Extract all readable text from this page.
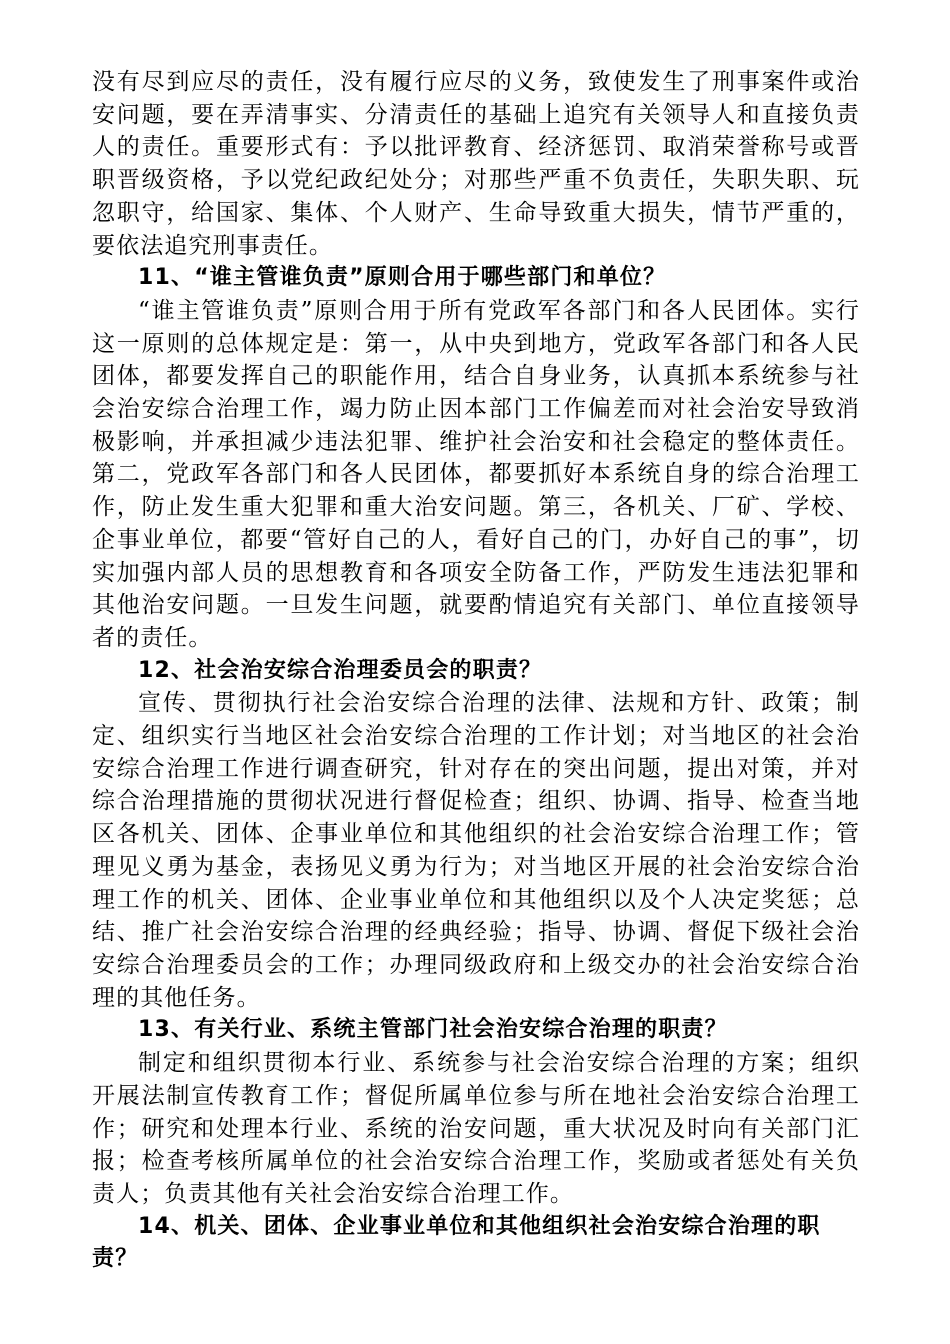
没有尽到应尽的责任，没有履行应尽的义务，致使发生了刑事案件或治安问题，要在弄清事实、分清责任的基础上追究有关领导人和直接负责人的责任。重要形式有：予以批评教育、经济惩罚、取消荣誉称号或晋职晋级资格，予以党纪政纪处分；对那些严重不负责任，失职失职、玩忽职守，给国家、集体、个人财产、生命导致重大损失，情节严重的，要依法追究刑事责任。

11、“谁主管谁负责”原则合用于哪些部门和单位？

“谁主管谁负责”原则合用于所有党政军各部门和各人民团体。实行这一原则的总体规定是：第一，从中央到地方，党政军各部门和各人民团体，都要发挥自己的职能作用，结合自身业务，认真抓本系统参与社会治安综合治理工作，竭力防止因本部门工作偏差而对社会治安导致消极影响，并承担减少违法犯罪、维护社会治安和社会稳定的整体责任。第二，党政军各部门和各人民团体，都要抓好本系统自身的综合治理工作，防止发生重大犯罪和重大治安问题。第三，各机关、厂矿、学校、企事业单位，都要“管好自己的人，看好自己的门，办好自己的事”，切实加强内部人员的思想教育和各项安全防备工作，严防发生违法犯罪和其他治安问题。一旦发生问题，就要酌情追究有关部门、单位直接领导者的责任。

12、社会治安综合治理委员会的职责？

宣传、贯彻执行社会治安综合治理的法律、法规和方针、政策；制定、组织实行当地区社会治安综合治理的工作计划；对当地区的社会治安综合治理工作进行调查研究，针对存在的突出问题，提出对策，并对综合治理措施的贯彻状况进行督促检查；组织、协调、指导、检查当地区各机关、团体、企事业单位和其他组织的社会治安综合治理工作；管理见义勇为基金，表扬见义勇为行为；对当地区开展的社会治安综合治理工作的机关、团体、企业事业单位和其他组织以及个人决定奖惩；总结、推广社会治安综合治理的经典经验；指导、协调、督促下级社会治安综合治理委员会的工作；办理同级政府和上级交办的社会治安综合治理的其他任务。

13、有关行业、系统主管部门社会治安综合治理的职责？

制定和组织贯彻本行业、系统参与社会治安综合治理的方案；组织开展法制宣传教育工作；督促所属单位参与所在地社会治安综合治理工作；研究和处理本行业、系统的治安问题，重大状况及时向有关部门汇报；检查考核所属单位的社会治安综合治理工作，奖励或者惩处有关负责人；负责其他有关社会治安综合治理工作。

14、机关、团体、企业事业单位和其他组织社会治安综合治理的职责？
